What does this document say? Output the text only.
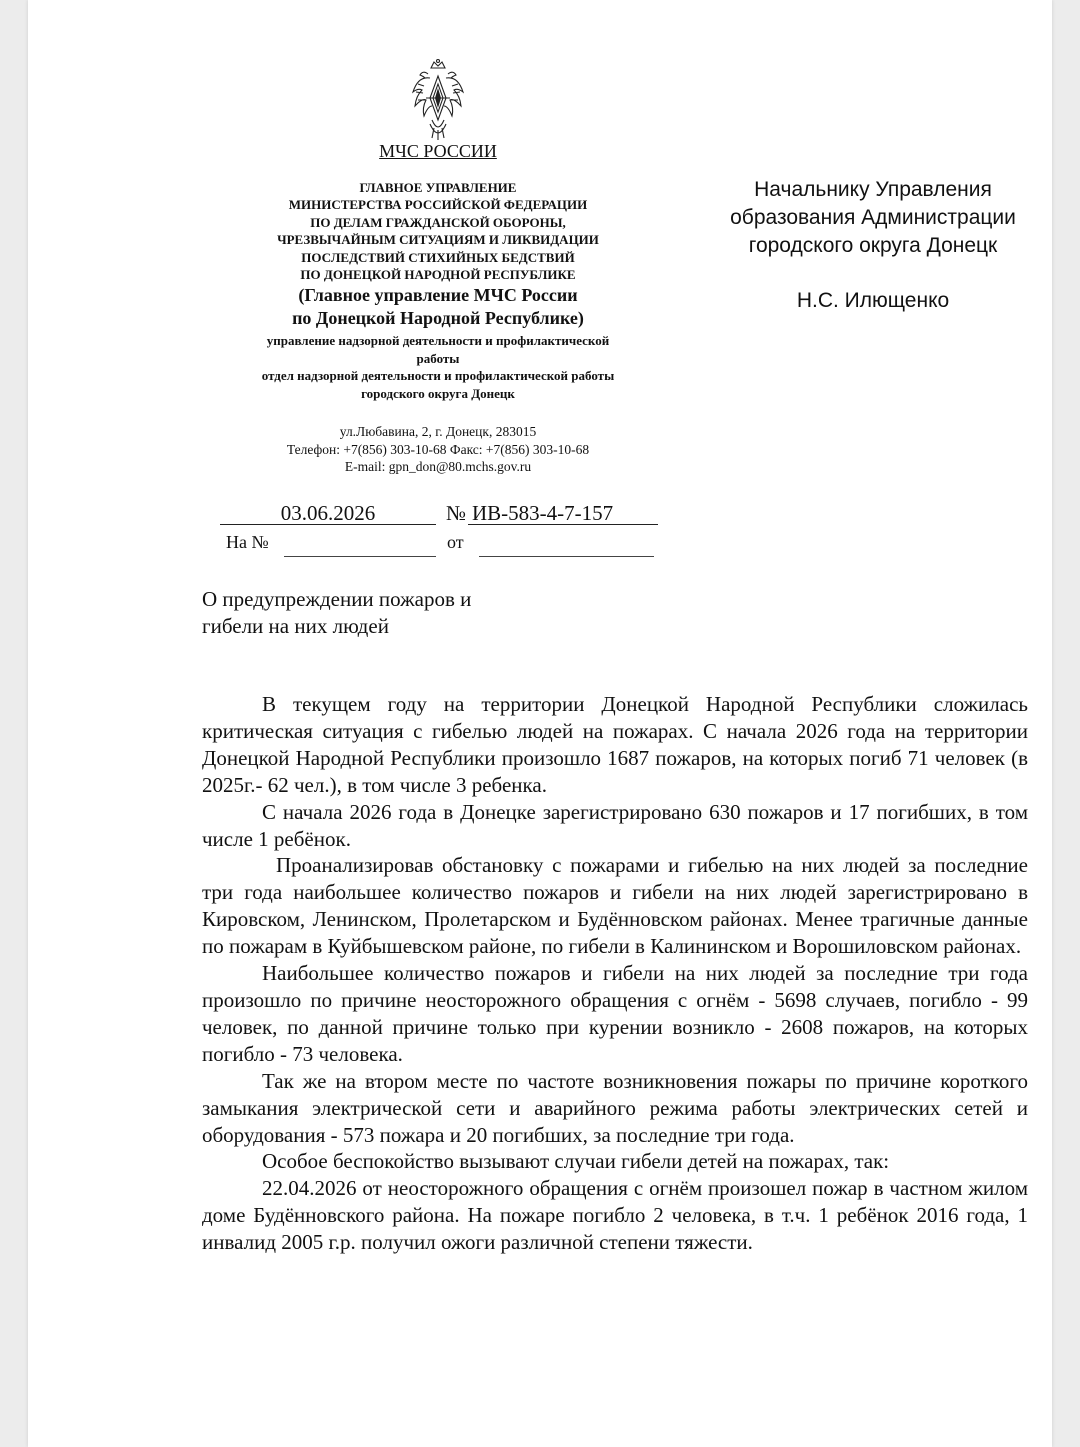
МЧС РОССИИ
ГЛАВНОЕ УПРАВЛЕНИЕ
МИНИСТЕРСТВА РОССИЙСКОЙ ФЕДЕРАЦИИ
ПО ДЕЛАМ ГРАЖДАНСКОЙ ОБОРОНЫ,
ЧРЕЗВЫЧАЙНЫМ СИТУАЦИЯМ И ЛИКВИДАЦИИ
ПОСЛЕДСТВИЙ СТИХИЙНЫХ БЕДСТВИЙ
ПО ДОНЕЦКОЙ НАРОДНОЙ РЕСПУБЛИКЕ
(Главное управление МЧС России
по Донецкой Народной Республике)
управление надзорной деятельности и профилактической
работы
отдел надзорной деятельности и профилактической работы
городского округа Донецк
ул.Любавина, 2, г. Донецк, 283015
Телефон: +7(856) 303-10-68 Факс: +7(856) 303-10-68
E-mail: gpn_don@80.mchs.gov.ru
03.06.2026	№ ИВ-583-4-7-157
На №	от
Начальнику Управления
образования Администрации
городского округа Донецк
Н.С. Илющенко
О предупреждении пожаров и
гибели на них людей

В текущем году на территории Донецкой Народной Республики сложилась критическая ситуация с гибелью людей на пожарах. С начала 2026 года на территории Донецкой Народной Республики произошло 1687 пожаров, на которых погиб 71 человек (в 2025г.- 62 чел.), в том числе 3 ребенка.

С начала 2026 года в Донецке зарегистрировано 630 пожаров и 17 погибших, в том числе 1 ребёнок.

Проанализировав обстановку с пожарами и гибелью на них людей за последние три года наибольшее количество пожаров и гибели на них людей зарегистрировано в Кировском, Ленинском, Пролетарском и Будённовском районах. Менее трагичные данные по пожарам в Куйбышевском районе, по гибели в Калининском и Ворошиловском районах.

Наибольшее количество пожаров и гибели на них людей за последние три года произошло по причине неосторожного обращения с огнём - 5698 случаев, погибло - 99 человек, по данной причине только при курении возникло - 2608 пожаров, на которых погибло - 73 человека.

Так же на втором месте по частоте возникновения пожары по причине короткого замыкания электрической сети и аварийного режима работы электрических сетей и оборудования - 573 пожара и 20 погибших, за последние три года.

Особое беспокойство вызывают случаи гибели детей на пожарах, так:

22.04.2026 от неосторожного обращения с огнём произошел пожар в частном жилом доме Будённовского района. На пожаре погибло 2 человека, в т.ч. 1 ребёнок 2016 года, 1 инвалид 2005 г.р. получил ожоги различной степени тяжести.
